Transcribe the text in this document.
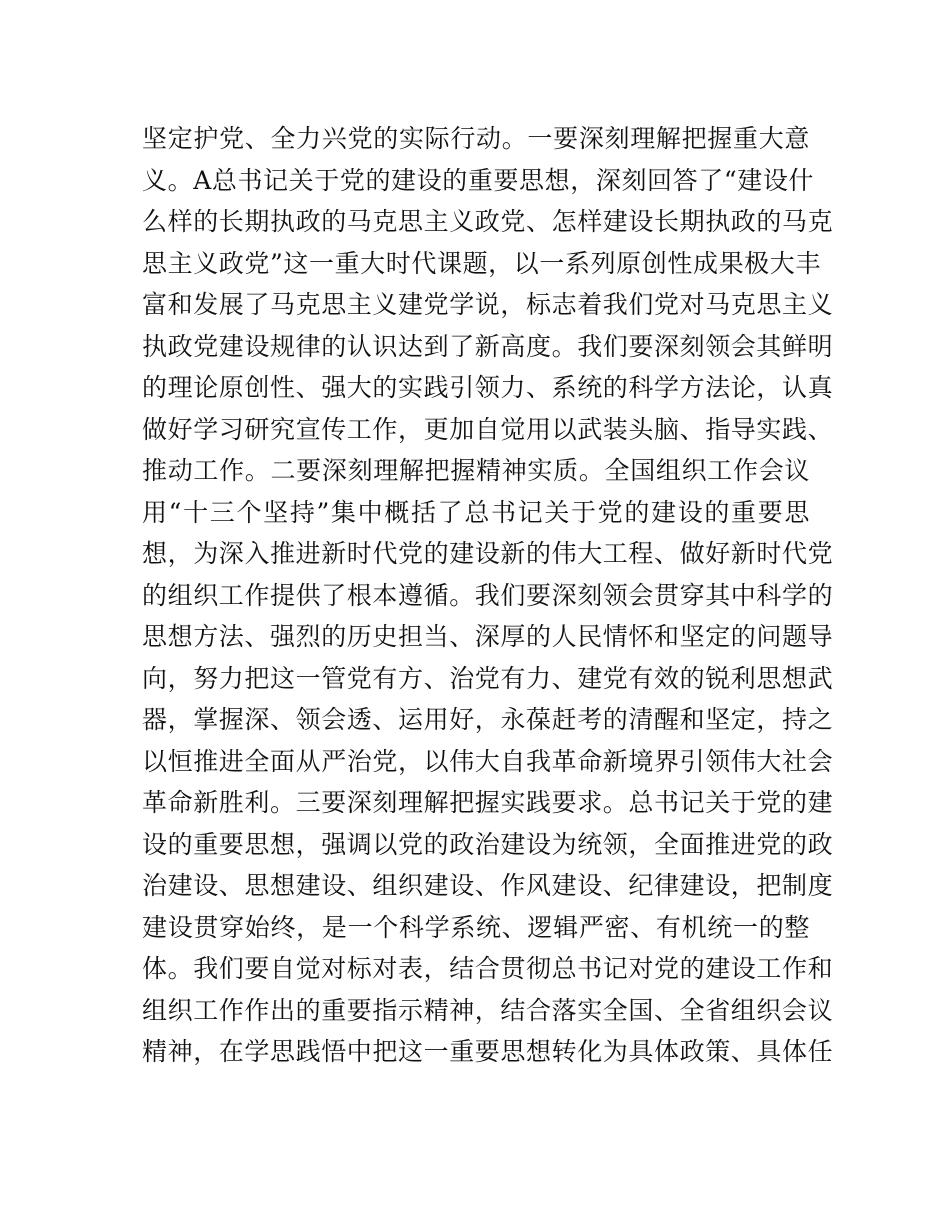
坚定护党、全力兴党的实际行动。一要深刻理解把握重大意
义。A总书记关于党的建设的重要思想，深刻回答了“建设什
么样的长期执政的马克思主义政党、怎样建设长期执政的马克
思主义政党”这一重大时代课题，以一系列原创性成果极大丰
富和发展了马克思主义建党学说，标志着我们党对马克思主义
执政党建设规律的认识达到了新高度。我们要深刻领会其鲜明
的理论原创性、强大的实践引领力、系统的科学方法论，认真
做好学习研究宣传工作，更加自觉用以武装头脑、指导实践、
推动工作。二要深刻理解把握精神实质。全国组织工作会议
用“十三个坚持”集中概括了总书记关于党的建设的重要思
想，为深入推进新时代党的建设新的伟大工程、做好新时代党
的组织工作提供了根本遵循。我们要深刻领会贯穿其中科学的
思想方法、强烈的历史担当、深厚的人民情怀和坚定的问题导
向，努力把这一管党有方、治党有力、建党有效的锐利思想武
器，掌握深、领会透、运用好，永葆赶考的清醒和坚定，持之
以恒推进全面从严治党，以伟大自我革命新境界引领伟大社会
革命新胜利。三要深刻理解把握实践要求。总书记关于党的建
设的重要思想，强调以党的政治建设为统领，全面推进党的政
治建设、思想建设、组织建设、作风建设、纪律建设，把制度
建设贯穿始终，是一个科学系统、逻辑严密、有机统一的整
体。我们要自觉对标对表，结合贯彻总书记对党的建设工作和
组织工作作出的重要指示精神，结合落实全国、全省组织会议
精神，在学思践悟中把这一重要思想转化为具体政策、具体任
